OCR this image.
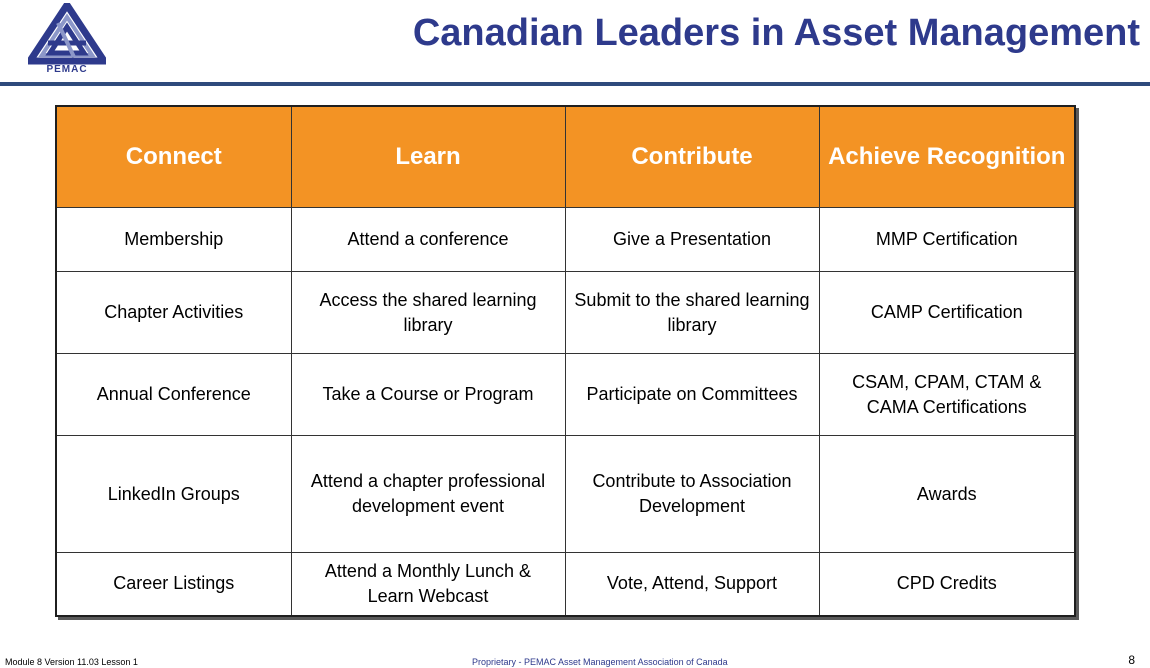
PEMAC
Canadian Leaders in Asset Management
Connect	Learn	Contribute	Achieve Recognition
Membership	Attend a conference	Give a Presentation	MMP Certification
Chapter Activities	Access the shared learning library	Submit to the shared learning library	CAMP Certification
Annual Conference	Take a Course or Program	Participate on Committees	CSAM, CPAM, CTAM & CAMA Certifications
LinkedIn Groups	Attend a chapter professional development event	Contribute to Association Development	Awards
Career Listings	Attend a Monthly Lunch & Learn Webcast	Vote, Attend, Support	CPD Credits
Module 8 Version 11.03 Lesson 1	Proprietary - PEMAC Asset Management Association of Canada	8
